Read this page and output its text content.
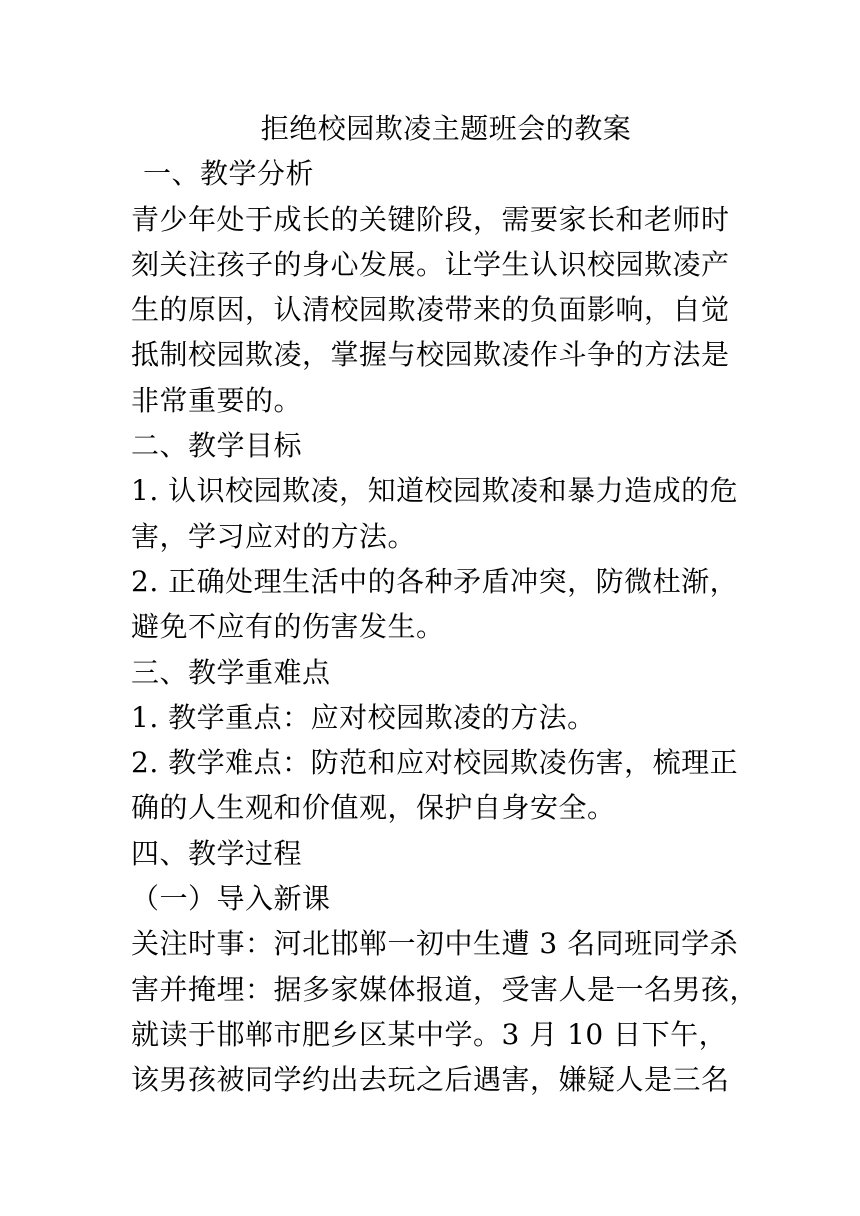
拒绝校园欺凌主题班会的教案
一、教学分析
青少年处于成长的关键阶段，需要家长和老师时
刻关注孩子的身心发展。让学生认识校园欺凌产
生的原因，认清校园欺凌带来的负面影响，自觉
抵制校园欺凌，掌握与校园欺凌作斗争的方法是
非常重要的。
二、教学目标
1. 认识校园欺凌，知道校园欺凌和暴力造成的危
害，学习应对的方法。
2. 正确处理生活中的各种矛盾冲突，防微杜渐，
避免不应有的伤害发生。
三、教学重难点
1. 教学重点：应对校园欺凌的方法。
2. 教学难点：防范和应对校园欺凌伤害，梳理正
确的人生观和价值观，保护自身安全。
四、教学过程
（一）导入新课
关注时事：河北邯郸一初中生遭 3 名同班同学杀
害并掩埋：据多家媒体报道，受害人是一名男孩，
就读于邯郸市肥乡区某中学。3 月 10 日下午，
该男孩被同学约出去玩之后遇害，嫌疑人是三名
